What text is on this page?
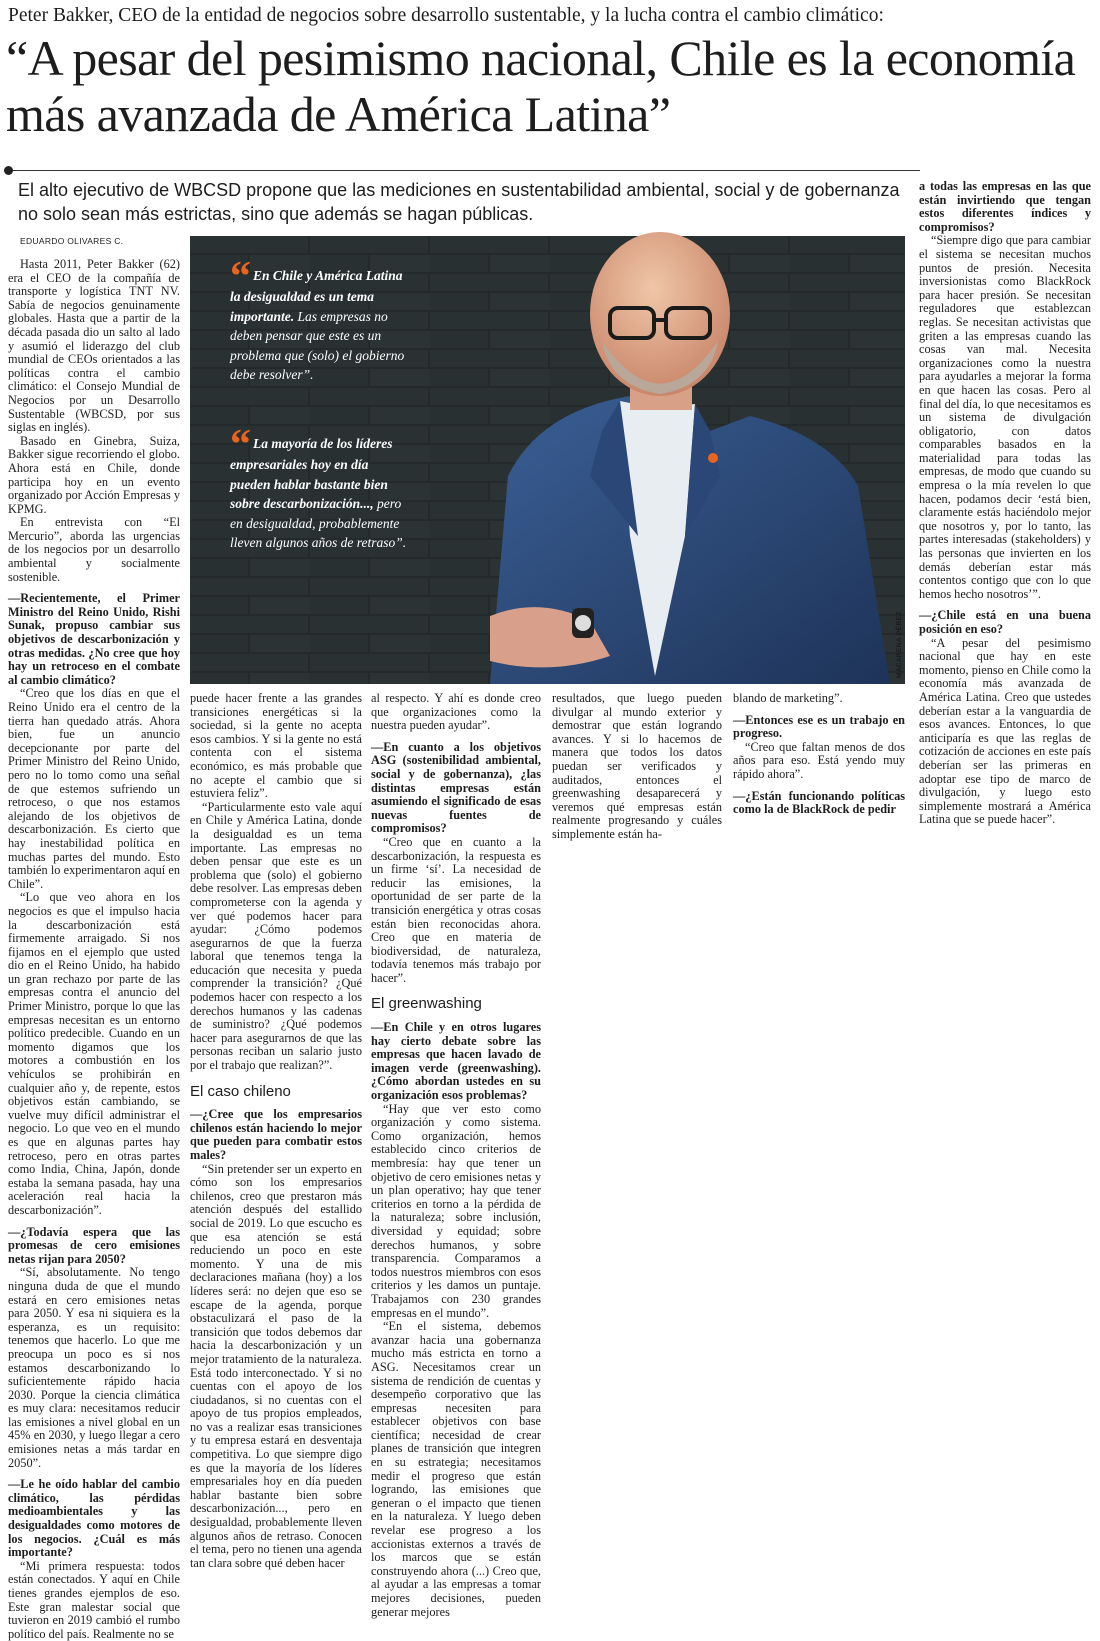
Peter Bakker, CEO de la entidad de negocios sobre desarrollo sustentable, y la lucha contra el cambio climático:
“A pesar del pesimismo nacional, Chile es la economía más avanzada de América Latina”
El alto ejecutivo de WBCSD propone que las mediciones en sustentabilidad ambiental, social y de gobernanza no solo sean más estrictas, sino que además se hagan públicas.
EDUARDO OLIVARES C.

Hasta 2011, Peter Bakker (62) era el CEO de la compañía de transporte y logística TNT NV. Sabía de negocios genuinamente globales. Hasta que a partir de la década pasada dio un salto al lado y asumió el liderazgo del club mundial de CEOs orientados a las políticas contra el cambio climático: el Consejo Mundial de Negocios por un Desarrollo Sustentable (WBCSD, por sus siglas en inglés).

Basado en Ginebra, Suiza, Bakker sigue recorriendo el globo. Ahora está en Chile, donde participa hoy en un evento organizado por Acción Empresas y KPMG.

En entrevista con “El Mercurio”, aborda las urgencias de los negocios por un desarrollo ambiental y socialmente sostenible.

—Recientemente, el Primer Ministro del Reino Unido, Rishi Sunak, propuso cambiar sus objetivos de descarbonización y otras medidas. ¿No cree que hoy hay un retroceso en el combate al cambio climático?

“Creo que los días en que el Reino Unido era el centro de la tierra han quedado atrás. Ahora bien, fue un anuncio decepcionante por parte del Primer Ministro del Reino Unido, pero no lo tomo como una señal de que estemos sufriendo un retroceso, o que nos estamos alejando de los objetivos de descarbonización. Es cierto que hay inestabilidad política en muchas partes del mundo. Esto también lo experimentaron aquí en Chile”.

“Lo que veo ahora en los negocios es que el impulso hacia la descarbonización está firmemente arraigado. Si nos fijamos en el ejemplo que usted dio en el Reino Unido, ha habido un gran rechazo por parte de las empresas contra el anuncio del Primer Ministro, porque lo que las empresas necesitan es un entorno político predecible. Cuando en un momento digamos que los motores a combustión en los vehículos se prohibirán en cualquier año y, de repente, estos objetivos están cambiando, se vuelve muy difícil administrar el negocio. Lo que veo en el mundo es que en algunas partes hay retroceso, pero en otras partes como India, China, Japón, donde estaba la semana pasada, hay una aceleración real hacia la descarbonización”.

—¿Todavía espera que las promesas de cero emisiones netas rijan para 2050?

“Sí, absolutamente. No tengo ninguna duda de que el mundo estará en cero emisiones netas para 2050. Y esa ni siquiera es la esperanza, es un requisito: tenemos que hacerlo. Lo que me preocupa un poco es si nos estamos descarbonizando lo suficientemente rápido hacia 2030. Porque la ciencia climática es muy clara: necesitamos reducir las emisiones a nivel global en un 45% en 2030, y luego llegar a cero emisiones netas a más tardar en 2050”.

—Le he oído hablar del cambio climático, las pérdidas medioambientales y las desigualdades como motores de los negocios. ¿Cuál es más importante?

“Mi primera respuesta: todos están conectados. Y aquí en Chile tienes grandes ejemplos de eso. Este gran malestar social que tuvieron en 2019 cambió el rumbo político del país. Realmente no se

“ En Chile y América Latina la desigualdad es un tema importante. Las empresas no deben pensar que este es un problema que (solo) el gobierno debe resolver”.
“ La mayoría de los líderes empresariales hoy en día pueden hablar bastante bien sobre descarbonización..., pero en desigualdad, probablemente lleven algunos años de retraso”.
MACARENA PÉREZ

puede hacer frente a las grandes transiciones energéticas si la sociedad, si la gente no acepta esos cambios. Y si la gente no está contenta con el sistema económico, es más probable que no acepte el cambio que si estuviera feliz”.

“Particularmente esto vale aquí en Chile y América Latina, donde la desigualdad es un tema importante. Las empresas no deben pensar que este es un problema que (solo) el gobierno debe resolver. Las empresas deben comprometerse con la agenda y ver qué podemos hacer para ayudar: ¿Cómo podemos asegurarnos de que la fuerza laboral que tenemos tenga la educación que necesita y pueda comprender la transición? ¿Qué podemos hacer con respecto a los derechos humanos y las cadenas de suministro? ¿Qué podemos hacer para asegurarnos de que las personas reciban un salario justo por el trabajo que realizan?”.

El caso chileno

—¿Cree que los empresarios chilenos están haciendo lo mejor que pueden para combatir estos males?

“Sin pretender ser un experto en cómo son los empresarios chilenos, creo que prestaron más atención después del estallido social de 2019. Lo que escucho es que esa atención se está reduciendo un poco en este momento. Y una de mis declaraciones mañana (hoy) a los líderes será: no dejen que eso se escape de la agenda, porque obstaculizará el paso de la transición que todos debemos dar hacia la descarbonización y un mejor tratamiento de la naturaleza. Está todo interconectado. Y si no cuentas con el apoyo de los ciudadanos, si no cuentas con el apoyo de tus propios empleados, no vas a realizar esas transiciones y tu empresa estará en desventaja competitiva. Lo que siempre digo es que la mayoría de los líderes empresariales hoy en día pueden hablar bastante bien sobre descarbonización..., pero en desigualdad, probablemente lleven algunos años de retraso. Conocen el tema, pero no tienen una agenda tan clara sobre qué deben hacer

al respecto. Y ahí es donde creo que organizaciones como la nuestra pueden ayudar”.

—En cuanto a los objetivos ASG (sostenibilidad ambiental, social y de gobernanza), ¿las distintas empresas están asumiendo el significado de esas nuevas fuentes de compromisos?

“Creo que en cuanto a la descarbonización, la respuesta es un firme ‘sí’. La necesidad de reducir las emisiones, la oportunidad de ser parte de la transición energética y otras cosas están bien reconocidas ahora. Creo que en materia de biodiversidad, de naturaleza, todavía tenemos más trabajo por hacer”.

El greenwashing

—En Chile y en otros lugares hay cierto debate sobre las empresas que hacen lavado de imagen verde (greenwashing). ¿Cómo abordan ustedes en su organización esos problemas?

“Hay que ver esto como organización y como sistema. Como organización, hemos establecido cinco criterios de membresía: hay que tener un objetivo de cero emisiones netas y un plan operativo; hay que tener criterios en torno a la pérdida de la naturaleza; sobre inclusión, diversidad y equidad; sobre derechos humanos, y sobre transparencia. Comparamos a todos nuestros miembros con esos criterios y les damos un puntaje. Trabajamos con 230 grandes empresas en el mundo”.

“En el sistema, debemos avanzar hacia una gobernanza mucho más estricta en torno a ASG. Necesitamos crear un sistema de rendición de cuentas y desempeño corporativo que las empresas necesiten para establecer objetivos con base científica; necesidad de crear planes de transición que integren en su estrategia; necesitamos medir el progreso que están logrando, las emisiones que generan o el impacto que tienen en la naturaleza. Y luego deben revelar ese progreso a los accionistas externos a través de los marcos que se están construyendo ahora (...) Creo que, al ayudar a las empresas a tomar mejores decisiones, pueden generar mejores

resultados, que luego pueden divulgar al mundo exterior y demostrar que están logrando avances. Y si lo hacemos de manera que todos los datos puedan ser verificados y auditados, entonces el greenwashing desaparecerá y veremos qué empresas están realmente progresando y cuáles simplemente están ha-

blando de marketing”.

—Entonces ese es un trabajo en progreso.

“Creo que faltan menos de dos años para eso. Está yendo muy rápido ahora”.

—¿Están funcionando políticas como la de BlackRock de pedir

a todas las empresas en las que están invirtiendo que tengan estos diferentes índices y compromisos?

“Siempre digo que para cambiar el sistema se necesitan muchos puntos de presión. Necesita inversionistas como BlackRock para hacer presión. Se necesitan reguladores que establezcan reglas. Se necesitan activistas que griten a las empresas cuando las cosas van mal. Necesita organizaciones como la nuestra para ayudarles a mejorar la forma en que hacen las cosas. Pero al final del día, lo que necesitamos es un sistema de divulgación obligatorio, con datos comparables basados en la materialidad para todas las empresas, de modo que cuando su empresa o la mía revelen lo que hacen, podamos decir ‘está bien, claramente estás haciéndolo mejor que nosotros y, por lo tanto, las partes interesadas (stakeholders) y las personas que invierten en los demás deberían estar más contentos contigo que con lo que hemos hecho nosotros’”.

—¿Chile está en una buena posición en eso?

“A pesar del pesimismo nacional que hay en este momento, pienso en Chile como la economía más avanzada de América Latina. Creo que ustedes deberían estar a la vanguardia de esos avances. Entonces, lo que anticiparía es que las reglas de cotización de acciones en este país deberían ser las primeras en adoptar ese tipo de marco de divulgación, y luego esto simplemente mostrará a América Latina que se puede hacer”.
